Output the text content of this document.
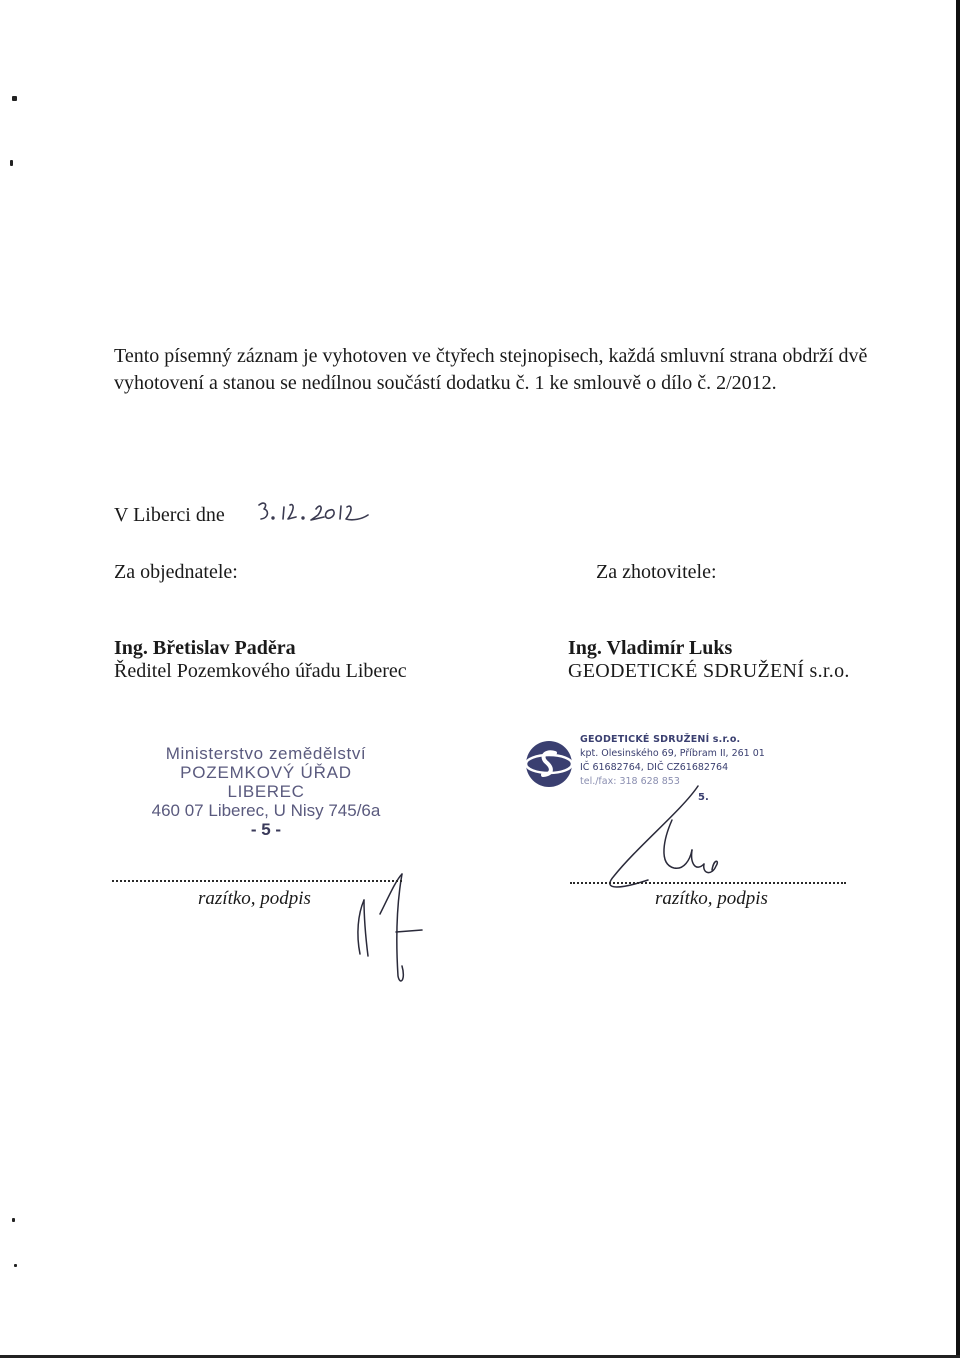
Tento písemný záznam je vyhotoven ve čtyřech stejnopisech, každá smluvní strana obdrží dvě

vyhotovení a stanou se nedílnou součástí dodatku č. 1 ke smlouvě o dílo č. 2/2012.

V Liberci dne
Za objednatele:	Za zhotovitele:
Ing. Břetislav Paděra
Ředitel Pozemkového úřadu Liberec
Ing. Vladimír Luks
GEODETICKÉ SDRUŽENÍ s.r.o.
Ministerstvo zemědělství
POZEMKOVÝ ÚŘAD
LIBEREC
460 07 Liberec, U Nisy 745/6a
- 5 -
GEODETICKÉ SDRUŽENÍ s.r.o.
kpt. Olesinského 69, Příbram II, 261 01
IČ 61682764, DIČ CZ61682764
tel./fax: 318 628 853
5.
razítko, podpis	razítko, podpis
